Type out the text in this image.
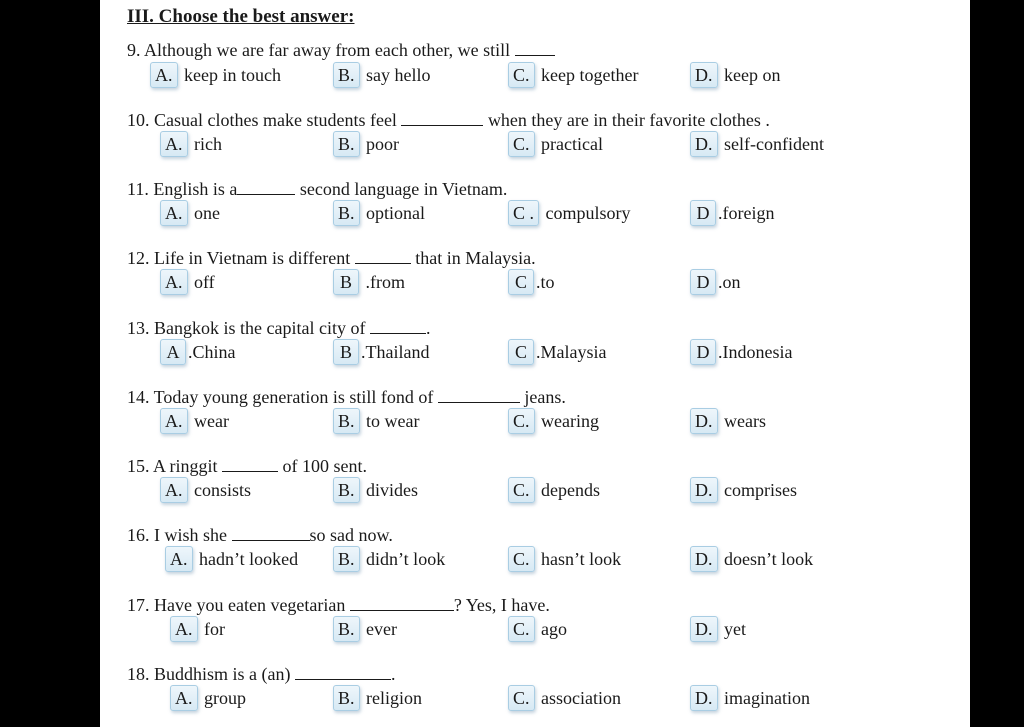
III. Choose the best answer:
9. Although we are far away from each other, we still
A. keep in touch	B. say hello	C. keep together	D. keep on
10. Casual clothes make students feel	when they are in their favorite clothes .
A. rich	B. poor	C. practical	D. self-confident
11. English is a	second language in Vietnam.
A. one	B. optional	C . compulsory	D .foreign
12. Life in Vietnam is different	that in Malaysia.
A. off	B .from	C .to	D .on
13. Bangkok is the capital city of	.
A .China	B .Thailand	C .Malaysia	D .Indonesia
14. Today young generation is still fond of	jeans.
A. wear	B. to wear	C. wearing	D. wears
15. A ringgit	of 100 sent.
A. consists	B. divides	C. depends	D. comprises
16. I wish she	so sad now.
A. hadn’t looked B. didn’t look	C. hasn’t look	D. doesn’t look
17. Have you eaten vegetarian	? Yes, I have.
A. for	B. ever	C. ago	D. yet
18. Buddhism is a (an)	.
A. group	B. religion	C. association	D. imagination
